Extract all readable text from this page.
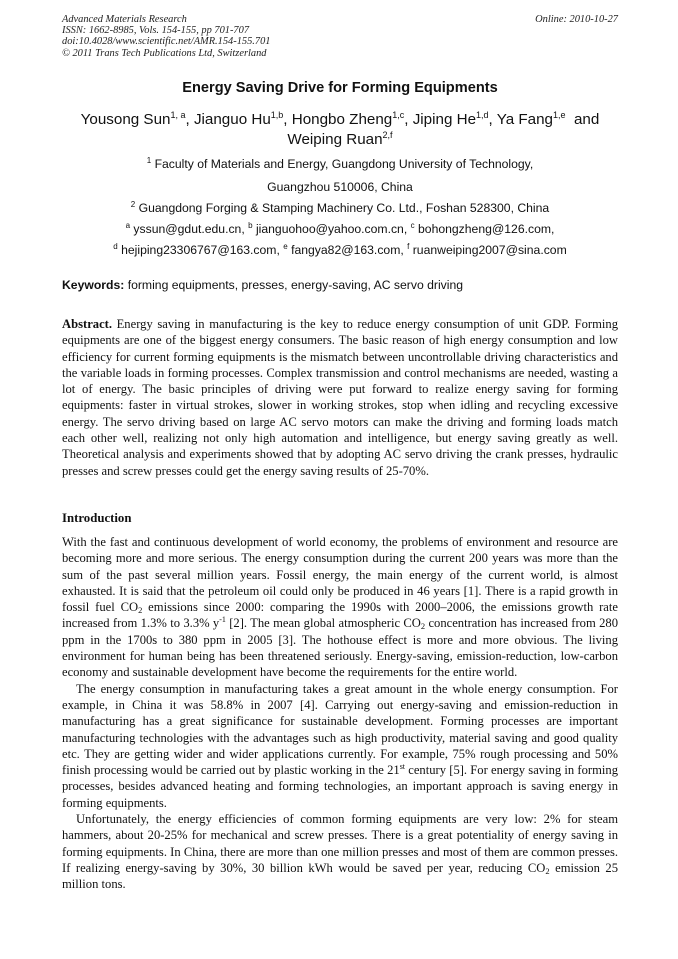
Advanced Materials Research
ISSN: 1662-8985, Vols. 154-155, pp 701-707
doi:10.4028/www.scientific.net/AMR.154-155.701
© 2011 Trans Tech Publications Ltd, Switzerland
Online: 2010-10-27
Energy Saving Drive for Forming Equipments
Yousong Sun$^{1, a}$, Jianguo Hu$^{1,b}$, Hongbo Zheng$^{1,c}$, Jiping He$^{1,d}$, Ya Fang$^{1,e}$ and
Weiping Ruan$^{2,f}$
$^1$ Faculty of Materials and Energy, Guangdong University of Technology,
Guangzhou 510006, China
$^2$ Guangdong Forging & Stamping Machinery Co. Ltd., Foshan 528300, China
$^a$ yssun@gdut.edu.cn, $^b$ jianguohoo@yahoo.com.cn, $^c$ bohongzheng@126.com,
$^d$ hejiping23306767@163.com, $^e$ fangya82@163.com, $^f$ ruanweiping2007@sina.com
Keywords: forming equipments, presses, energy-saving, AC servo driving
Abstract. Energy saving in manufacturing is the key to reduce energy consumption of unit GDP. Forming equipments are one of the biggest energy consumers. The basic reason of high energy consumption and low efficiency for current forming equipments is the mismatch between uncontrollable driving characteristics and the variable loads in forming processes. Complex transmission and control mechanisms are needed, wasting a lot of energy. The basic principles of driving were put forward to realize energy saving for forming equipments: faster in virtual strokes, slower in working strokes, stop when idling and recycling excessive energy. The servo driving based on large AC servo motors can make the driving and forming loads match each other well, realizing not only high automation and intelligence, but energy saving greatly as well. Theoretical analysis and experiments showed that by adopting AC servo driving the crank presses, hydraulic presses and screw presses could get the energy saving results of 25-70%.
Introduction
With the fast and continuous development of world economy, the problems of environment and resource are becoming more and more serious. The energy consumption during the current 200 years was more than the sum of the past several million years. Fossil energy, the main energy of the current world, is almost exhausted. It is said that the petroleum oil could only be produced in 46 years [1]. There is a rapid growth in fossil fuel $CO_2$ emissions since 2000: comparing the 1990s with 2000–2006, the emissions growth rate increased from 1.3% to 3.3% $y^{-1}$ [2]. The mean global atmospheric $CO_2$ concentration has increased from 280 ppm in the 1700s to 380 ppm in 2005 [3]. The hothouse effect is more and more obvious. The living environment for human being has been threatened seriously. Energy-saving, emission-reduction, low-carbon economy and sustainable development have become the requirements for the entire world.
The energy consumption in manufacturing takes a great amount in the whole energy consumption. For example, in China it was 58.8% in 2007 [4]. Carrying out energy-saving and emission-reduction in manufacturing has a great significance for sustainable development. Forming processes are important manufacturing technologies with the advantages such as high productivity, material saving and good quality etc. They are getting wider and wider applications currently. For example, 75% rough processing and 50% finish processing would be carried out by plastic working in the 21st century [5]. For energy saving in forming processes, besides advanced heating and forming technologies, an important approach is saving energy in forming equipments.
Unfortunately, the energy efficiencies of common forming equipments are very low: 2% for steam hammers, about 20-25% for mechanical and screw presses. There is a great potentiality of energy saving in forming equipments. In China, there are more than one million presses and most of them are common presses. If realizing energy-saving by 30%, 30 billion kWh would be saved per year, reducing $CO_2$ emission 25 million tons.
